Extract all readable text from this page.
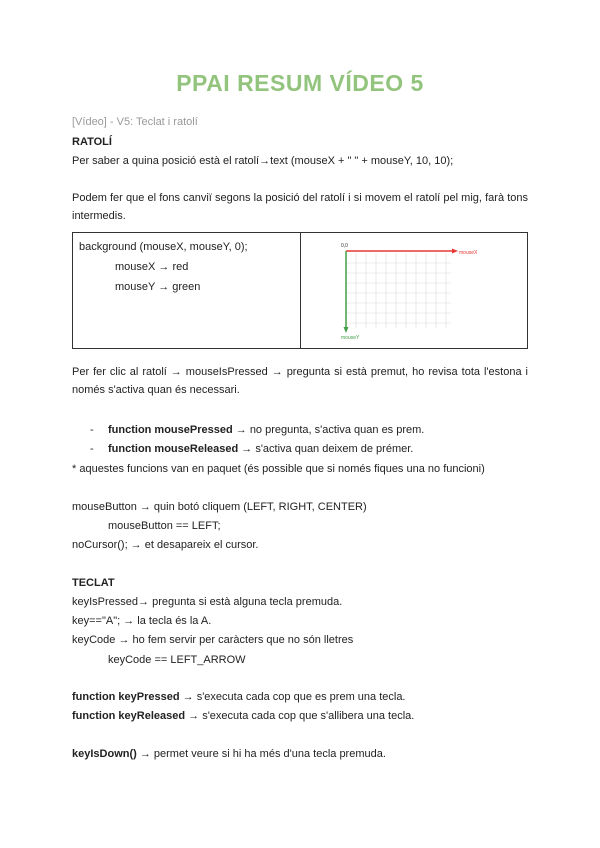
PPAI RESUM VÍDEO 5
[Vídeo] - V5: Teclat i ratolí
RATOLÍ
Per saber a quina posició està el ratolí→text (mouseX + " " + mouseY, 10, 10);
Podem fer que el fons canviï segons la posició del ratolí i si movem el ratolí pel mig, farà tons intermedis.
background (mouseX, mouseY, 0);
mouseX → red
mouseY → green

mouseX
mouseY
0,0
Per fer clic al ratolí → mouseIsPressed → pregunta si està premut, ho revisa tota l'estona i només s'activa quan és necessari.
- function mousePressed → no pregunta, s'activa quan es prem.
- function mouseReleased → s'activa quan deixem de prémer.
* aquestes funcions van en paquet (és possible que si només fiques una no funcioni)
mouseButton → quin botó cliquem (LEFT, RIGHT, CENTER)
mouseButton == LEFT;
noCursor(); → et desapareix el cursor.
TECLAT
keyIsPressed→ pregunta si està alguna tecla premuda.
key=="A"; → la tecla és la A.
keyCode → ho fem servir per caràcters que no són lletres
keyCode == LEFT_ARROW
function keyPressed → s'executa cada cop que es prem una tecla.
function keyReleased → s'executa cada cop que s'allibera una tecla.
keyIsDown() → permet veure si hi ha més d'una tecla premuda.
